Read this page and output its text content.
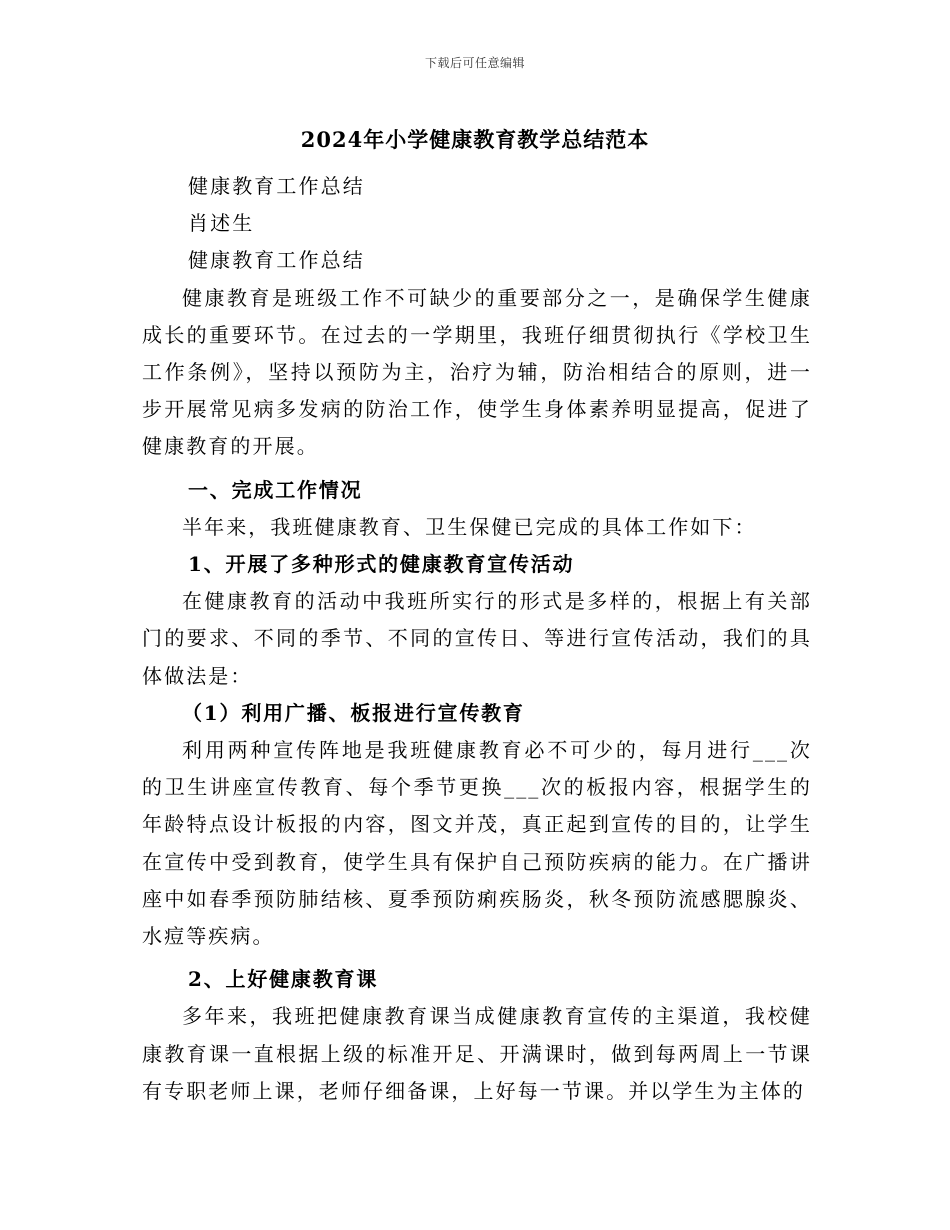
下载后可任意编辑
2024年小学健康教育教学总结范本
健康教育工作总结
肖述生
健康教育工作总结
健康教育是班级工作不可缺少的重要部分之一，是确保学生健康成长的重要环节。在过去的一学期里，我班仔细贯彻执行《学校卫生工作条例》，坚持以预防为主，治疗为辅，防治相结合的原则，进一步开展常见病多发病的防治工作，使学生身体素养明显提高，促进了健康教育的开展。
一、完成工作情况
半年来，我班健康教育、卫生保健已完成的具体工作如下：
1、开展了多种形式的健康教育宣传活动
在健康教育的活动中我班所实行的形式是多样的，根据上有关部门的要求、不同的季节、不同的宣传日、等进行宣传活动，我们的具体做法是：
（1）利用广播、板报进行宣传教育
利用两种宣传阵地是我班健康教育必不可少的，每月进行___次的卫生讲座宣传教育、每个季节更换___次的板报内容，根据学生的年龄特点设计板报的内容，图文并茂，真正起到宣传的目的，让学生在宣传中受到教育，使学生具有保护自己预防疾病的能力。在广播讲座中如春季预防肺结核、夏季预防痢疾肠炎，秋冬预防流感腮腺炎、水痘等疾病。
2、上好健康教育课
多年来，我班把健康教育课当成健康教育宣传的主渠道，我校健康教育课一直根据上级的标准开足、开满课时，做到每两周上一节课有专职老师上课，老师仔细备课，上好每一节课。并以学生为主体的
